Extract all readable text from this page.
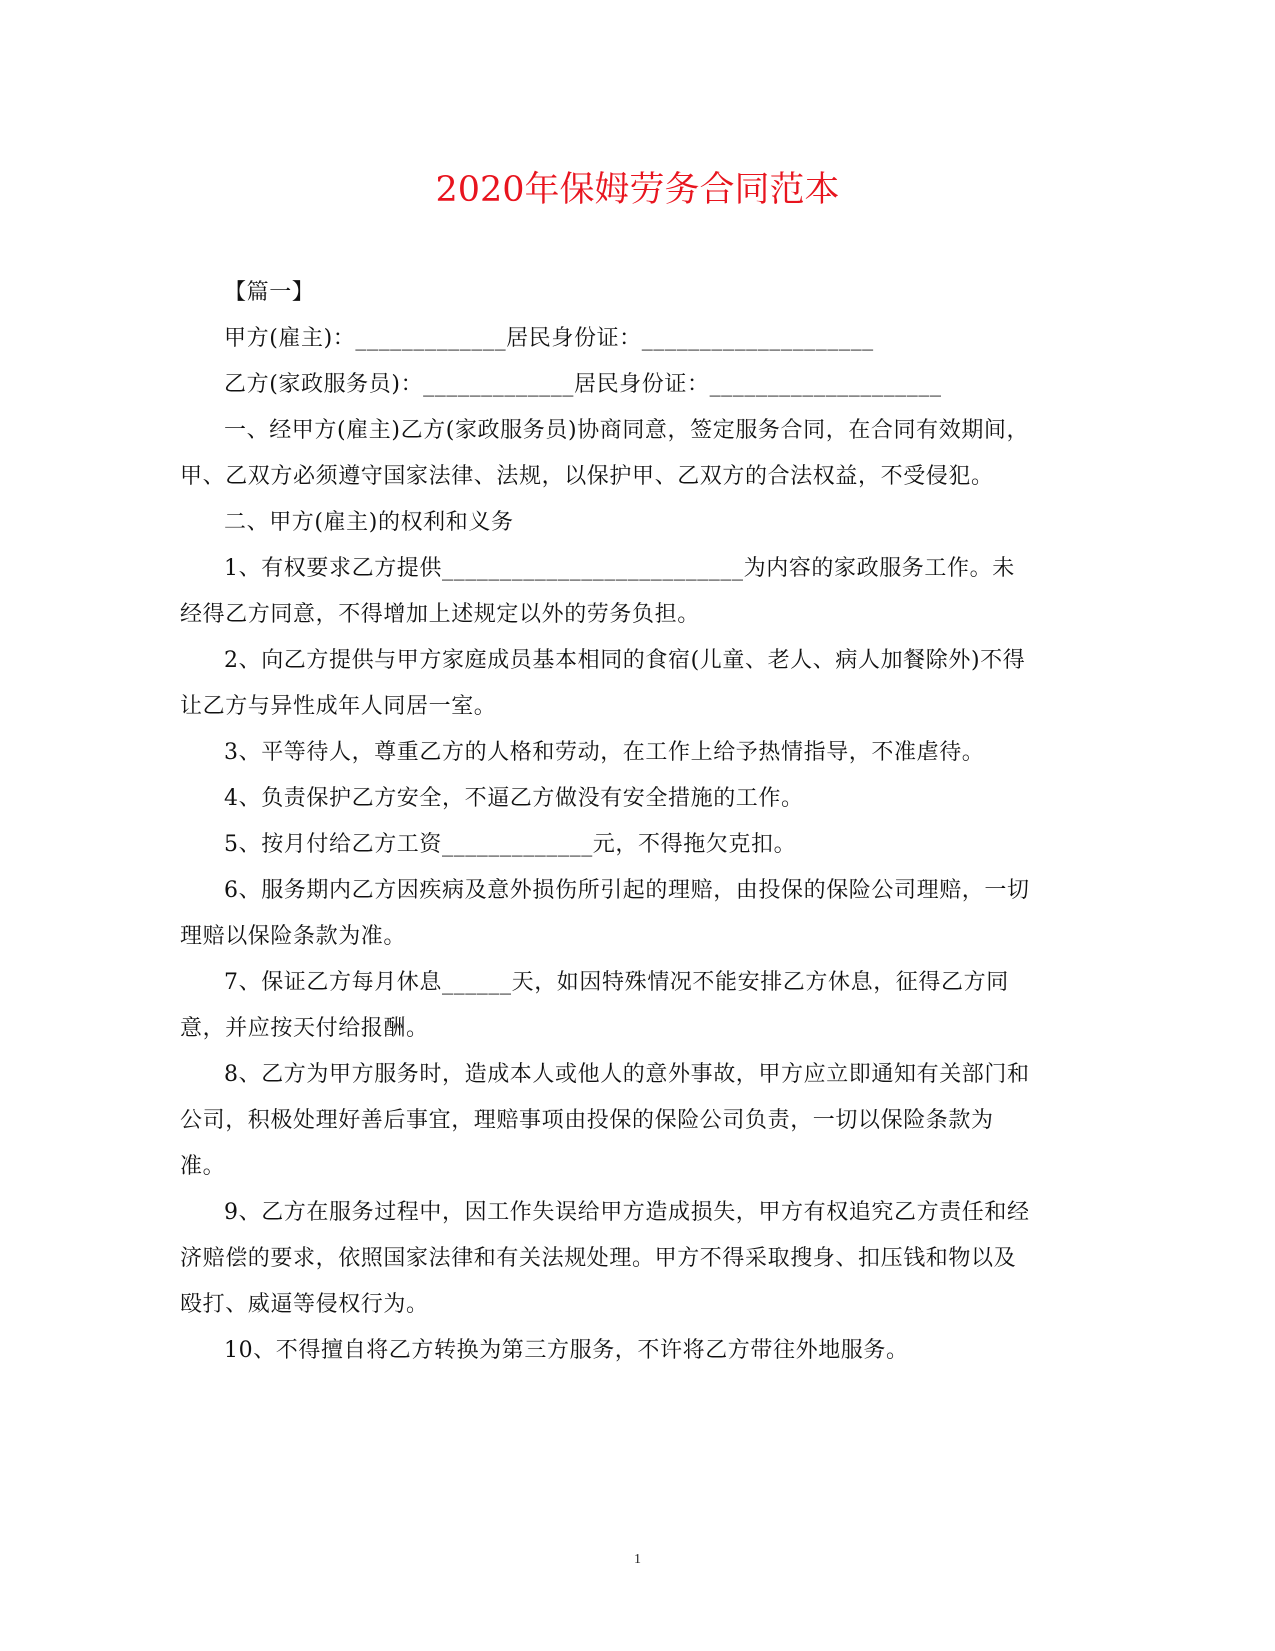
2020年保姆劳务合同范本

【篇一】

甲方(雇主)：_____________居民身份证：____________________

乙方(家政服务员)：_____________居民身份证：____________________

一、经甲方(雇主)乙方(家政服务员)协商同意，签定服务合同，在合同有效期间，甲、乙双方必须遵守国家法律、法规，以保护甲、乙双方的合法权益，不受侵犯。

二、甲方(雇主)的权利和义务

1、有权要求乙方提供__________________________为内容的家政服务工作。未经得乙方同意，不得增加上述规定以外的劳务负担。

2、向乙方提供与甲方家庭成员基本相同的食宿(儿童、老人、病人加餐除外)不得让乙方与异性成年人同居一室。

3、平等待人，尊重乙方的人格和劳动，在工作上给予热情指导，不准虐待。

4、负责保护乙方安全，不逼乙方做没有安全措施的工作。

5、按月付给乙方工资_____________元，不得拖欠克扣。

6、服务期内乙方因疾病及意外损伤所引起的理赔，由投保的保险公司理赔，一切理赔以保险条款为准。

7、保证乙方每月休息______天，如因特殊情况不能安排乙方休息，征得乙方同意，并应按天付给报酬。

8、乙方为甲方服务时，造成本人或他人的意外事故，甲方应立即通知有关部门和公司，积极处理好善后事宜，理赔事项由投保的保险公司负责，一切以保险条款为准。

9、乙方在服务过程中，因工作失误给甲方造成损失，甲方有权追究乙方责任和经济赔偿的要求，依照国家法律和有关法规处理。甲方不得采取搜身、扣压钱和物以及殴打、威逼等侵权行为。

10、不得擅自将乙方转换为第三方服务，不许将乙方带往外地服务。

1
